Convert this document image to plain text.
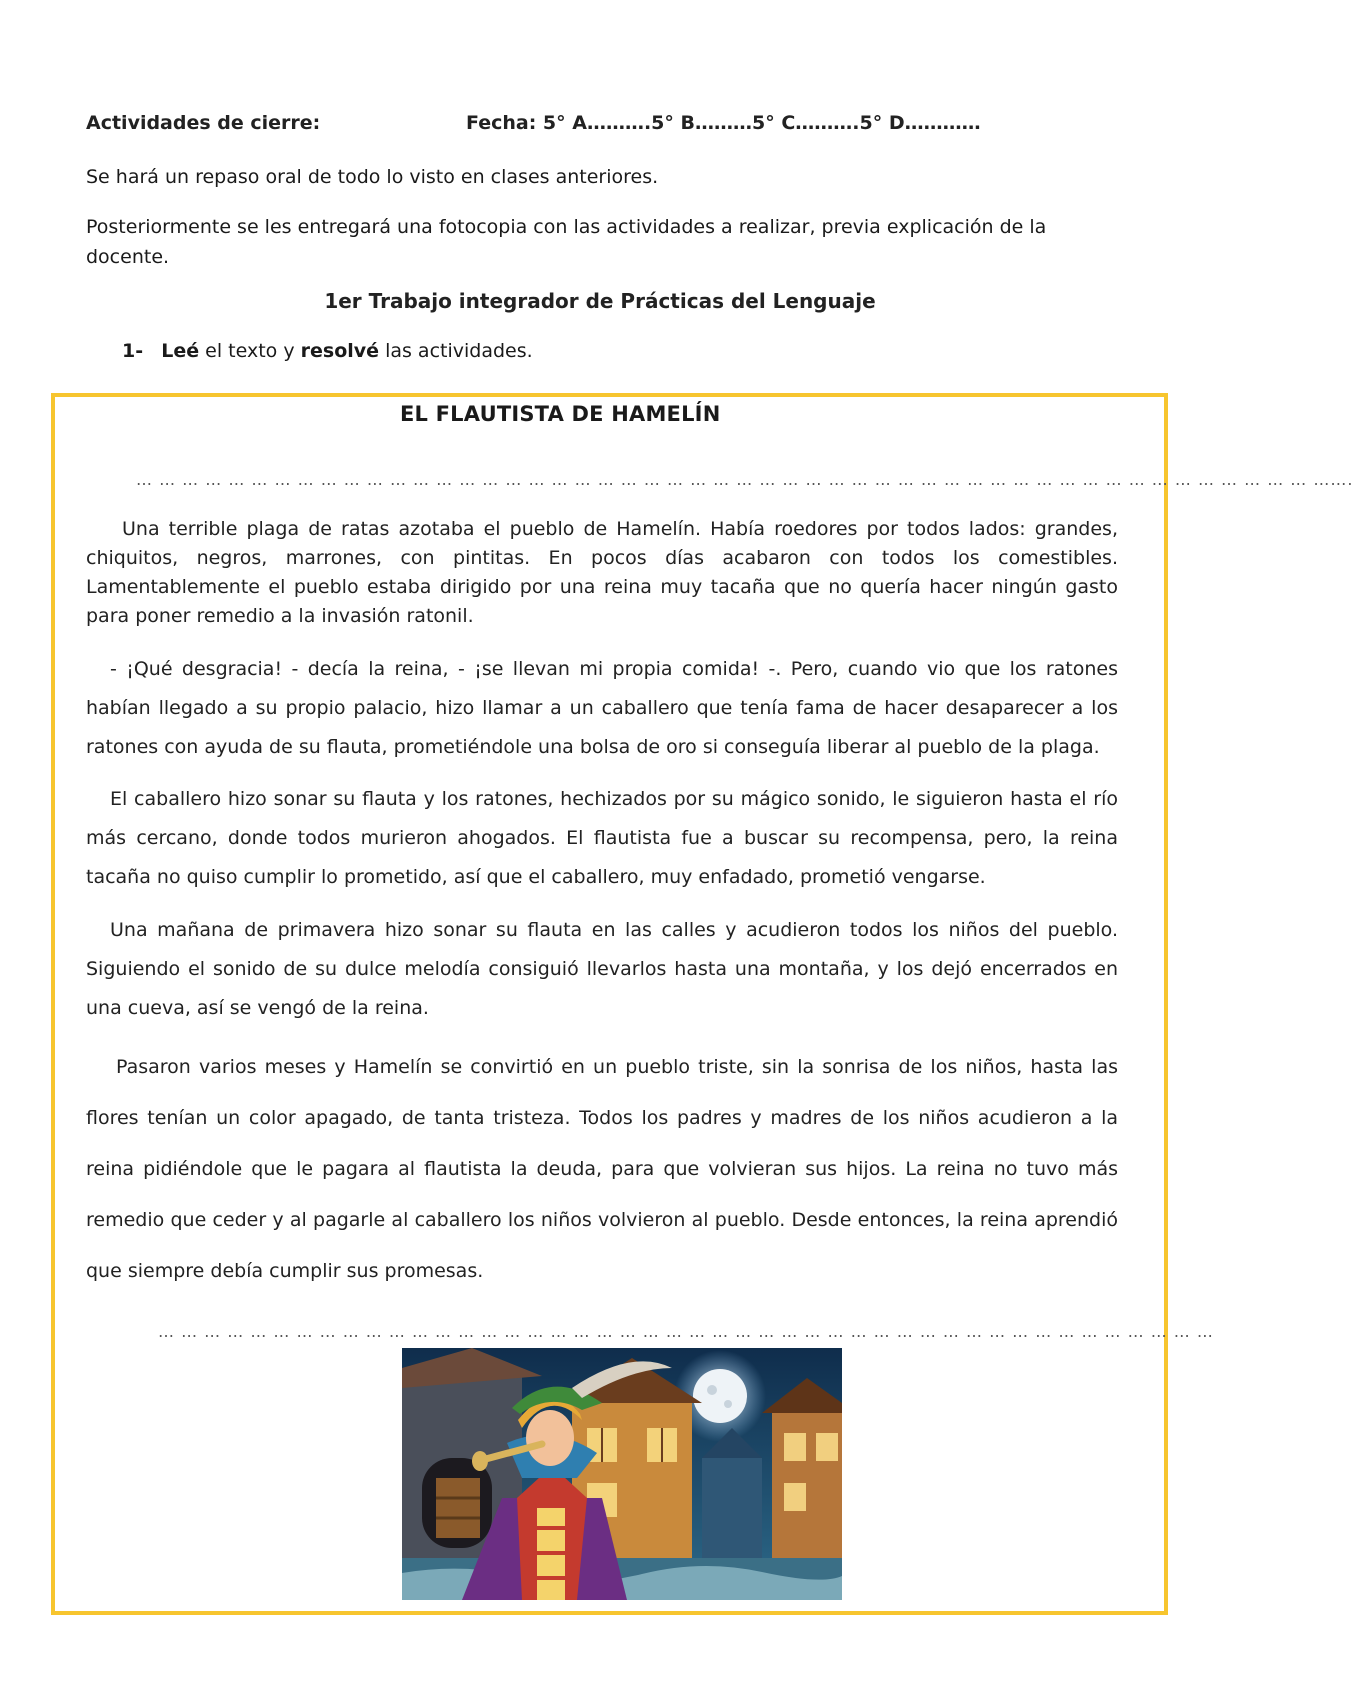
Actividades de cierre:	Fecha: 5° A……….5° B………5° C……….5° D…………

Se hará un repaso oral de todo lo visto en clases anteriores.

Posteriormente se les entregará una fotocopia con las actividades a realizar, previa explicación de la docente.

1er Trabajo integrador de Prácticas del Lenguaje
1- Leé el texto y resolvé las actividades.
EL FLAUTISTA DE HAMELÍN
… … … … … … … … … … … … … … … … … … … … … … … … … … … … … … … … … … … … … … … … … … … … … … … … … … … …….

Una terrible plaga de ratas azotaba el pueblo de Hamelín. Había roedores por todos lados: grandes, chiquitos, negros, marrones, con pintitas. En pocos días acabaron con todos los comestibles. Lamentablemente el pueblo estaba dirigido por una reina muy tacaña que no quería hacer ningún gasto para poner remedio a la invasión ratonil.

- ¡Qué desgracia! - decía la reina, - ¡se llevan mi propia comida! -. Pero, cuando vio que los ratones habían llegado a su propio palacio, hizo llamar a un caballero que tenía fama de hacer desaparecer a los ratones con ayuda de su flauta, prometiéndole una bolsa de oro si conseguía liberar al pueblo de la plaga.

El caballero hizo sonar su flauta y los ratones, hechizados por su mágico sonido, le siguieron hasta el río más cercano, donde todos murieron ahogados. El flautista fue a buscar su recompensa, pero, la reina tacaña no quiso cumplir lo prometido, así que el caballero, muy enfadado, prometió vengarse.

Una mañana de primavera hizo sonar su flauta en las calles y acudieron todos los niños del pueblo. Siguiendo el sonido de su dulce melodía consiguió llevarlos hasta una montaña, y los dejó encerrados en una cueva, así se vengó de la reina.

Pasaron varios meses y Hamelín se convirtió en un pueblo triste, sin la sonrisa de los niños, hasta las flores tenían un color apagado, de tanta tristeza. Todos los padres y madres de los niños acudieron a la reina pidiéndole que le pagara al flautista la deuda, para que volvieran sus hijos. La reina no tuvo más remedio que ceder y al pagarle al caballero los niños volvieron al pueblo. Desde entonces, la reina aprendió que siempre debía cumplir sus promesas.

… … … … … … … … … … … … … … … … … … … … … … … … … … … … … … … … … … … … … … … … … … … … … …
